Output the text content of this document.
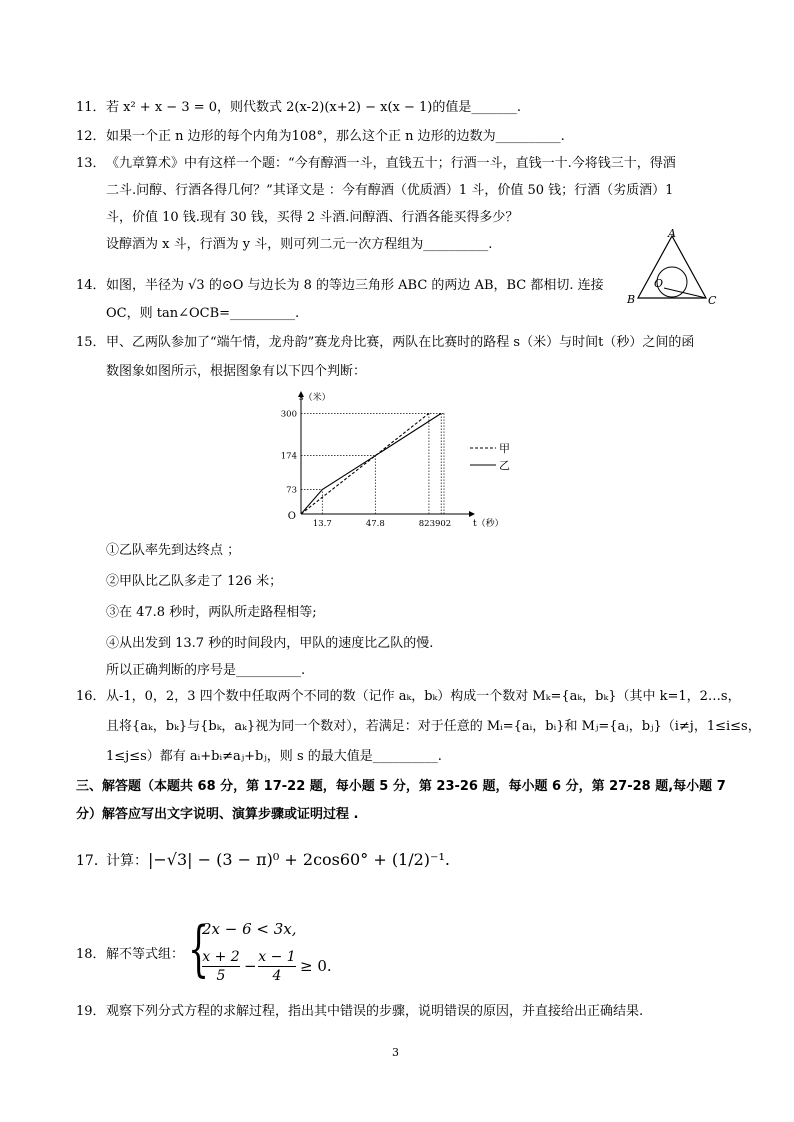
11．若 x² + x − 3 = 0，则代数式 2(x-2)(x+2) − x(x − 1)的值是_______.
12．如果一个正 n 边形的每个内角为108°，那么这个正 n 边形的边数为__________.
13．《九章算术》中有这样一个题：“今有醇酒一斗，直钱五十；行酒一斗，直钱一十.今将钱三十，得酒
二斗.问醇、行酒各得几何？”其译文是 ：今有醇酒（优质酒）1 斗，价值 50 钱；行酒（劣质酒）1
斗，价值 10 钱.现有 30 钱，买得 2 斗酒.问醇酒、行酒各能买得多少？
设醇酒为 x 斗，行酒为 y 斗，则可列二元一次方程组为__________.
A
B	C
O
14．如图，半径为 √3 的⊙O 与边长为 8 的等边三角形 ABC 的两边 AB，BC 都相切. 连接
OC，则 tan∠OCB=__________.
15．甲、乙两队参加了“端午情，龙舟韵”赛龙舟比赛，两队在比赛时的路程 s（米）与时间t（秒）之间的函
数图象如图所示，根据图象有以下四个判断：
s（米）
t（秒）
O
300
174
73
13.7	47.8	823902
甲
乙
①乙队率先到达终点 ；
②甲队比乙队多走了 126 米；
③在 47.8 秒时，两队所走路程相等;
④从出发到 13.7 秒的时间段内，甲队的速度比乙队的慢.
所以正确判断的序号是__________.
16．从-1，0，2，3 四个数中任取两个不同的数（记作 aₖ，bₖ）构成一个数对 Mₖ={aₖ，bₖ}（其中 k=1，2…s，
且将{aₖ，bₖ}与{bₖ，aₖ}视为同一个数对），若满足：对于任意的 Mᵢ={aᵢ，bᵢ}和 Mⱼ={aⱼ，bⱼ}（i≠j，1≤i≤s，
1≤j≤s）都有 aᵢ+bᵢ≠aⱼ+bⱼ，则 s 的最大值是__________.
三、解答题（本题共 68 分，第 17-22 题，每小题 5 分，第 23-26 题，每小题 6 分，第 27-28 题,每小题 7
分）解答应写出文字说明、演算步骤或证明过程 .
17．计算：|−√3| − (3 − π)⁰ + 2cos60° + (1/2)⁻¹.
18．解不等式组： {
2x − 6 < 3x,
$\frac{x + 2}{5} - \frac{x - 1}{4} \ge 0$.
19．观察下列分式方程的求解过程，指出其中错误的步骤，说明错误的原因，并直接给出正确结果.
3
